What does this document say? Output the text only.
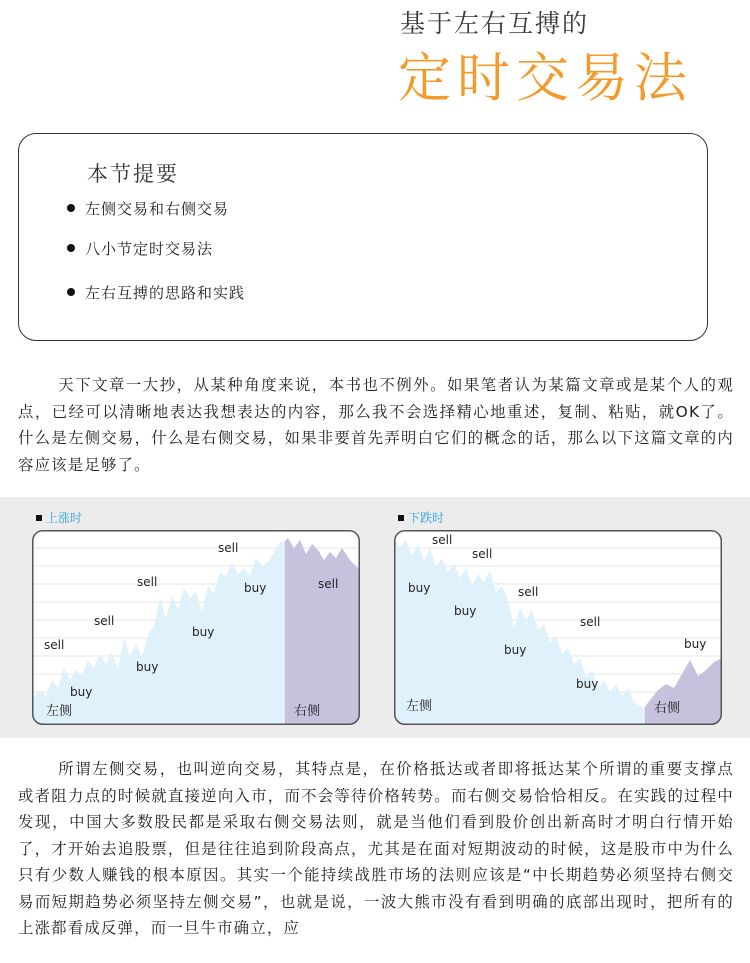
基于左右互搏的
定时交易法
本节提要
左侧交易和右侧交易
八小节定时交易法
左右互搏的思路和实践

天下文章一大抄，从某种角度来说，本书也不例外。如果笔者认为某篇文章或是某个人的观点，已经可以清晰地表达我想表达的内容，那么我不会选择精心地重述，复制、粘贴，就OK了。什么是左侧交易，什么是右侧交易，如果非要首先弄明白它们的概念的话，那么以下这篇文章的内容应该是足够了。

上涨时	下跌时
sell
buy	sell
sell
buy
sell
buy
sell
buy
左侧	右侧
sell
sell
buy
buy
sell
buy
sell
buy
buy
左侧	右侧

所谓左侧交易，也叫逆向交易，其特点是，在价格抵达或者即将抵达某个所谓的重要支撑点或者阻力点的时候就直接逆向入市，而不会等待价格转势。而右侧交易恰恰相反。在实践的过程中发现，中国大多数股民都是采取右侧交易法则，就是当他们看到股价创出新高时才明白行情开始了，才开始去追股票，但是往往追到阶段高点，尤其是在面对短期波动的时候，这是股市中为什么只有少数人赚钱的根本原因。其实一个能持续战胜市场的法则应该是“中长期趋势必须坚持右侧交易而短期趋势必须坚持左侧交易”，也就是说，一波大熊市没有看到明确的底部出现时，把所有的上涨都看成反弹，而一旦牛市确立，应
